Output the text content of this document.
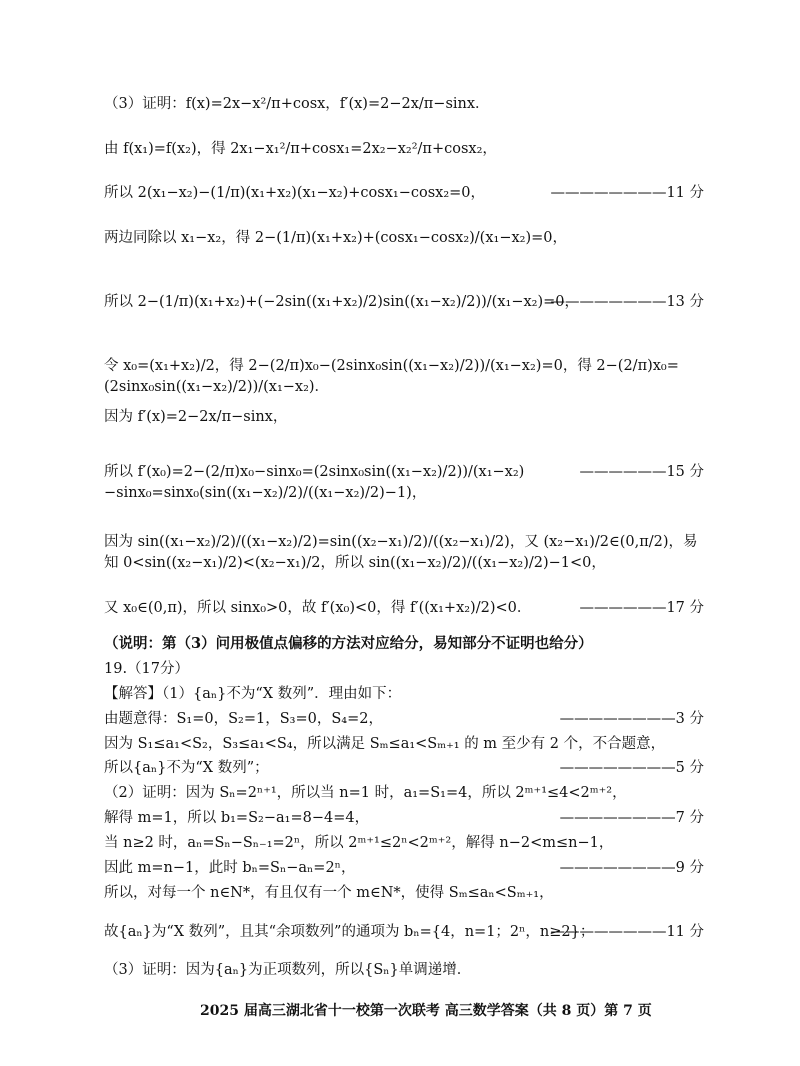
（3）证明：f(x)=2x−x²/π+cosx，f′(x)=2−2x/π−sinx．
由 f(x₁)=f(x₂)，得 2x₁−x₁²/π+cosx₁=2x₂−x₂²/π+cosx₂，
所以 2(x₁−x₂)−(1/π)(x₁+x₂)(x₁−x₂)+cosx₁−cosx₂=0，	————————11 分
两边同除以 x₁−x₂，得 2−(1/π)(x₁+x₂)+(cosx₁−cosx₂)/(x₁−x₂)=0，
所以 2−(1/π)(x₁+x₂)+(−2sin((x₁+x₂)/2)sin((x₁−x₂)/2))/(x₁−x₂)=0，
————————13 分
令 x₀=(x₁+x₂)/2，得 2−(2/π)x₀−(2sinx₀sin((x₁−x₂)/2))/(x₁−x₂)=0，得 2−(2/π)x₀=(2sinx₀sin((x₁−x₂)/2))/(x₁−x₂)．
因为 f′(x)=2−2x/π−sinx，
所以 f′(x₀)=2−(2/π)x₀−sinx₀=(2sinx₀sin((x₁−x₂)/2))/(x₁−x₂)−sinx₀=sinx₀(sin((x₁−x₂)/2)/((x₁−x₂)/2)−1)，
——————15 分
因为 sin((x₁−x₂)/2)/((x₁−x₂)/2)=sin((x₂−x₁)/2)/((x₂−x₁)/2)，又 (x₂−x₁)/2∈(0,π/2)，易知 0<sin((x₂−x₁)/2)<(x₂−x₁)/2，所以 sin((x₁−x₂)/2)/((x₁−x₂)/2)−1<0，
又 x₀∈(0,π)，所以 sinx₀>0，故 f′(x₀)<0，得 f′((x₁+x₂)/2)<0．	——————17 分
（说明：第（3）问用极值点偏移的方法对应给分，易知部分不证明也给分）
19.（17分）
【解答】（1）{aₙ}不为“X 数列”．理由如下：
由题意得：S₁=0，S₂=1，S₃=0，S₄=2，	————————3 分
因为 S₁≤a₁<S₂，S₃≤a₁<S₄，所以满足 Sₘ≤a₁<Sₘ₊₁ 的 m 至少有 2 个，不合题意，
所以{aₙ}不为“X 数列”；	————————5 分
（2）证明：因为 Sₙ=2ⁿ⁺¹，所以当 n=1 时，a₁=S₁=4，所以 2ᵐ⁺¹≤4<2ᵐ⁺²，
解得 m=1，所以 b₁=S₂−a₁=8−4=4，	————————7 分
当 n≥2 时，aₙ=Sₙ−Sₙ₋₁=2ⁿ，所以 2ᵐ⁺¹≤2ⁿ<2ᵐ⁺²，解得 n−2<m≤n−1，
因此 m=n−1，此时 bₙ=Sₙ−aₙ=2ⁿ，	————————9 分
所以，对每一个 n∈N*，有且仅有一个 m∈N*，使得 Sₘ≤aₙ<Sₘ₊₁，
故{aₙ}为“X 数列”，且其“余项数列”的通项为 bₙ={4，n=1；2ⁿ，n≥2}；
————————11 分
（3）证明：因为{aₙ}为正项数列，所以{Sₙ}单调递增．
2025 届高三湖北省十一校第一次联考 高三数学答案（共 8 页）第 7 页
